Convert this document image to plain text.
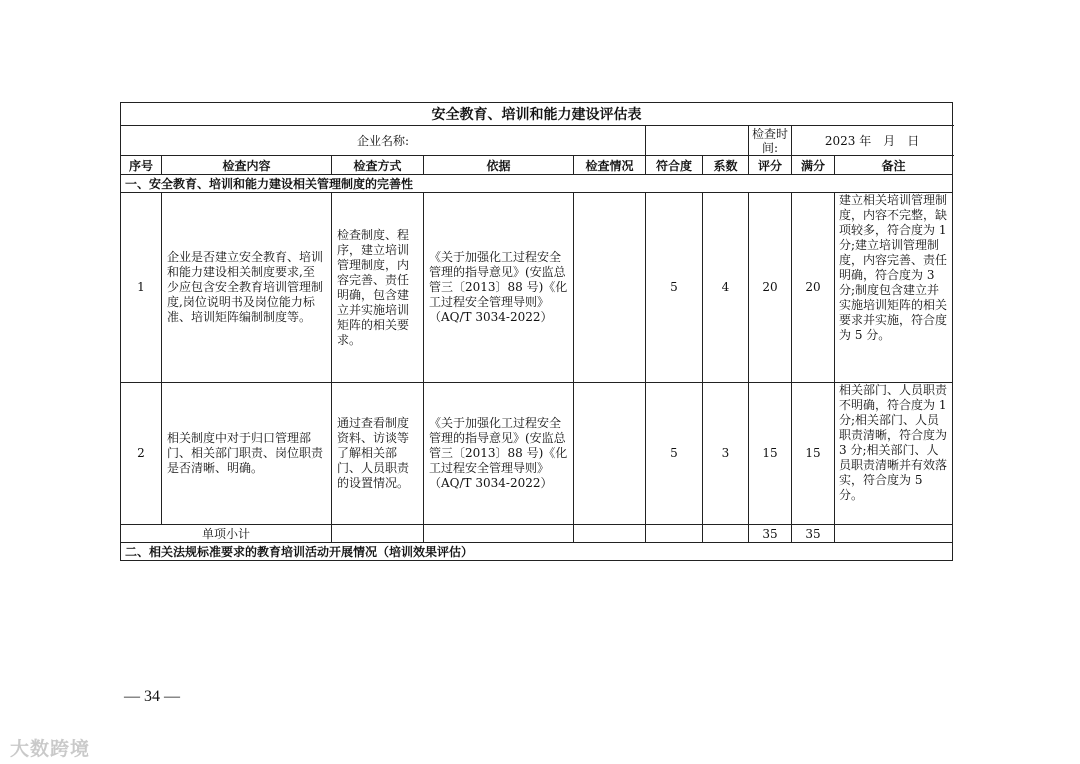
安全教育、培训和能力建设评估表									
企业名称:							检查时间:	2023 年　月　日	
序号	检查内容	检查方式	依据	检查情况	符合度	系数	评分	满分	备注
一、安全教育、培训和能力建设相关管理制度的完善性									
1	企业是否建立安全教育、培训和能力建设相关制度要求,至少应包含安全教育培训管理制度,岗位说明书及岗位能力标准、培训矩阵编制制度等。	检查制度、程序，建立培训管理制度，内容完善、责任明确，包含建立并实施培训矩阵的相关要求。	《关于加强化工过程安全管理的指导意见》(安监总管三〔2013〕88 号)《化工过程安全管理导则》（AQ/T 3034-2022）		5	4	20	20	建立相关培训管理制度，内容不完整，缺项较多，符合度为 1 分;建立培训管理制度，内容完善、责任明确，符合度为 3 分;制度包含建立并实施培训矩阵的相关要求并实施，符合度为 5 分。
2	相关制度中对于归口管理部门、相关部门职责、岗位职责是否清晰、明确。	通过查看制度资料、访谈等了解相关部门、人员职责的设置情况。	《关于加强化工过程安全管理的指导意见》(安监总管三〔2013〕88 号)《化工过程安全管理导则》（AQ/T 3034-2022）		5	3	15	15	相关部门、人员职责不明确，符合度为 1 分;相关部门、人员职责清晰，符合度为 3 分;相关部门、人员职责清晰并有效落实，符合度为 5 分。
单项小计							35	35	
二、相关法规标准要求的教育培训活动开展情况（培训效果评估）									
— 34 —
大数跨境
